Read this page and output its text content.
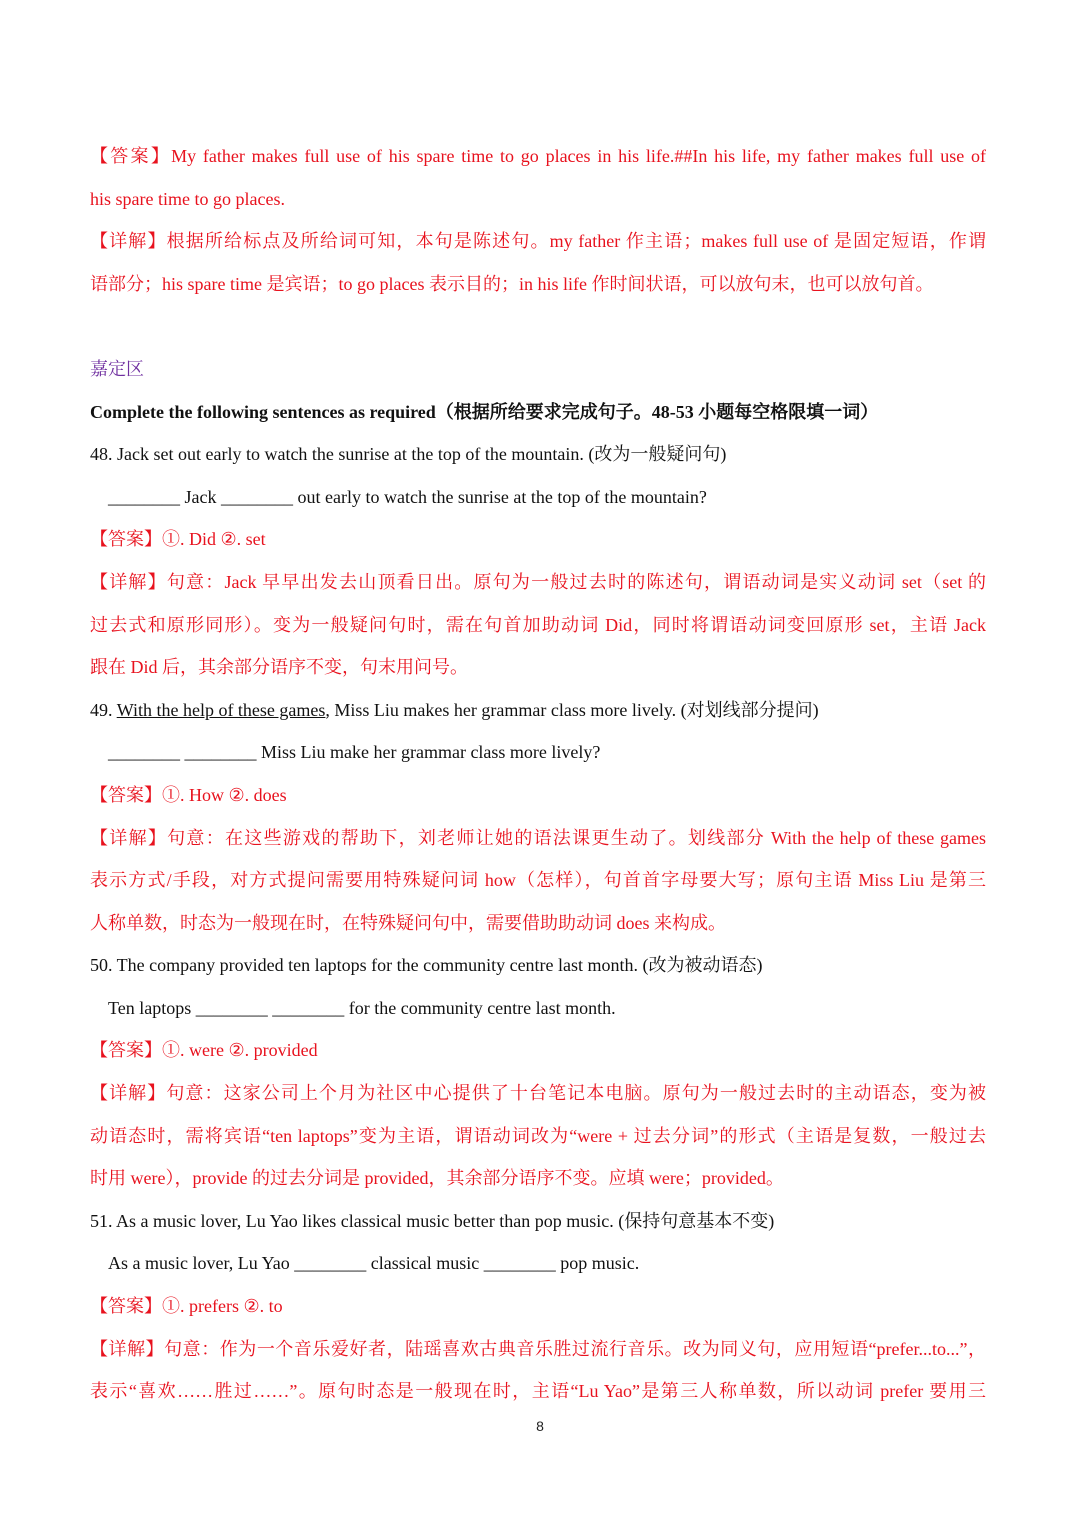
【答案】My father makes full use of his spare time to go places in his life.##In his life, my father makes full use of
his spare time to go places.
【详解】根据所给标点及所给词可知，本句是陈述句。my father 作主语；makes full use of 是固定短语，作谓
语部分；his spare time 是宾语；to go places 表示目的；in his life 作时间状语，可以放句末，也可以放句首。
嘉定区
Complete the following sentences as required（根据所给要求完成句子。48-53 小题每空格限填一词）
48. Jack set out early to watch the sunrise at the top of the mountain. (改为一般疑问句)
________ Jack ________ out early to watch the sunrise at the top of the mountain?
【答案】①. Did ②. set
【详解】句意：Jack 早早出发去山顶看日出。原句为一般过去时的陈述句，谓语动词是实义动词 set（set 的
过去式和原形同形）。变为一般疑问句时，需在句首加助动词 Did，同时将谓语动词变回原形 set，主语 Jack
跟在 Did 后，其余部分语序不变，句末用问号。
49. With the help of these games, Miss Liu makes her grammar class more lively. (对划线部分提问)
________ ________ Miss Liu make her grammar class more lively?
【答案】①. How ②. does
【详解】句意：在这些游戏的帮助下，刘老师让她的语法课更生动了。划线部分 With the help of these games
表示方式/手段，对方式提问需要用特殊疑问词 how（怎样），句首首字母要大写；原句主语 Miss Liu 是第三
人称单数，时态为一般现在时，在特殊疑问句中，需要借助助动词 does 来构成。
50. The company provided ten laptops for the community centre last month. (改为被动语态)
Ten laptops ________ ________ for the community centre last month.
【答案】①. were ②. provided
【详解】句意：这家公司上个月为社区中心提供了十台笔记本电脑。原句为一般过去时的主动语态，变为被
动语态时，需将宾语“ten laptops”变为主语，谓语动词改为“were + 过去分词”的形式（主语是复数，一般过去
时用 were），provide 的过去分词是 provided，其余部分语序不变。应填 were；provided。
51. As a music lover, Lu Yao likes classical music better than pop music. (保持句意基本不变)
As a music lover, Lu Yao ________ classical music ________ pop music.
【答案】①. prefers ②. to
【详解】句意：作为一个音乐爱好者，陆瑶喜欢古典音乐胜过流行音乐。改为同义句，应用短语“prefer...to...”，
表示“喜欢……胜过……”。原句时态是一般现在时，主语“Lu Yao”是第三人称单数，所以动词 prefer 要用三
8
